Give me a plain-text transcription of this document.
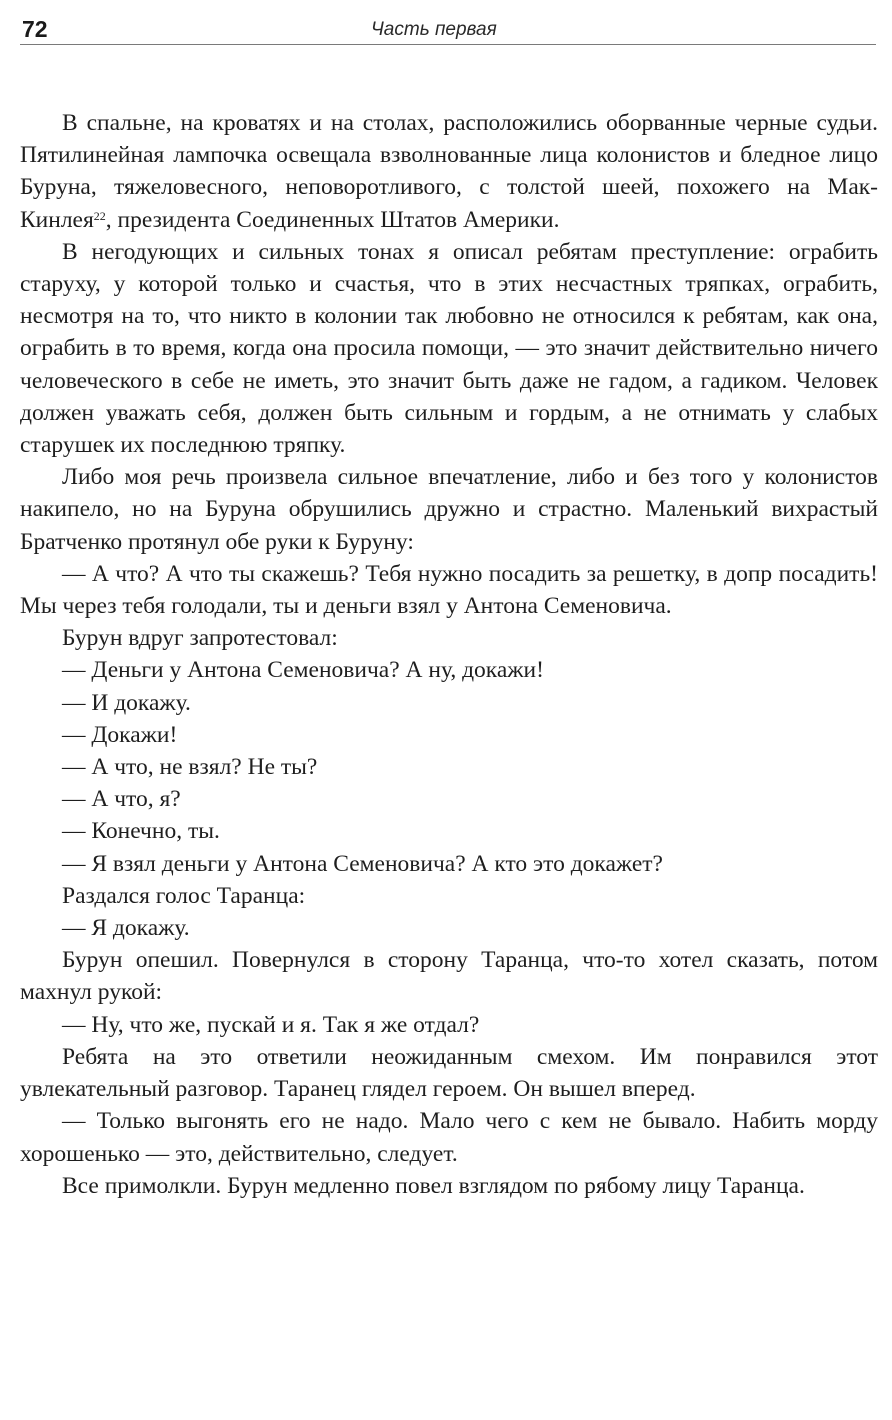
72	Часть первая

В спальне, на кроватях и на столах, расположились оборванные черные судьи. Пятилинейная лампочка освещала взволнованные лица колонистов и бледное лицо Буруна, тяжеловесного, неповоротливого, с толстой шеей, похожего на Мак-Кинлея$^{22}$, президента Соединенных Штатов Америки.

В негодующих и сильных тонах я описал ребятам преступление: ограбить старуху, у которой только и счастья, что в этих несчастных тряпках, ограбить, несмотря на то, что никто в колонии так любовно не относился к ребятам, как она, ограбить в то время, когда она просила помощи, — это значит действительно ничего человеческого в себе не иметь, это значит быть даже не гадом, а гадиком. Человек должен уважать себя, должен быть сильным и гордым, а не отнимать у слабых старушек их последнюю тряпку.

Либо моя речь произвела сильное впечатление, либо и без того у колонистов накипело, но на Буруна обрушились дружно и страстно. Маленький вихрастый Братченко протянул обе руки к Буруну:

— А что? А что ты скажешь? Тебя нужно посадить за решетку, в допр посадить! Мы через тебя голодали, ты и деньги взял у Антона Семеновича.

Бурун вдруг запротестовал:

— Деньги у Антона Семеновича? А ну, докажи!

— И докажу.

— Докажи!

— А что, не взял? Не ты?

— А что, я?

— Конечно, ты.

— Я взял деньги у Антона Семеновича? А кто это докажет?

Раздался голос Таранца:

— Я докажу.

Бурун опешил. Повернулся в сторону Таранца, что-то хотел сказать, потом махнул рукой:

— Ну, что же, пускай и я. Так я же отдал?

Ребята на это ответили неожиданным смехом. Им понравился этот увлекательный разговор. Таранец глядел героем. Он вышел вперед.

— Только выгонять его не надо. Мало чего с кем не бывало. Набить морду хорошенько — это, действительно, следует.

Все примолкли. Бурун медленно повел взглядом по рябому лицу Таранца.
